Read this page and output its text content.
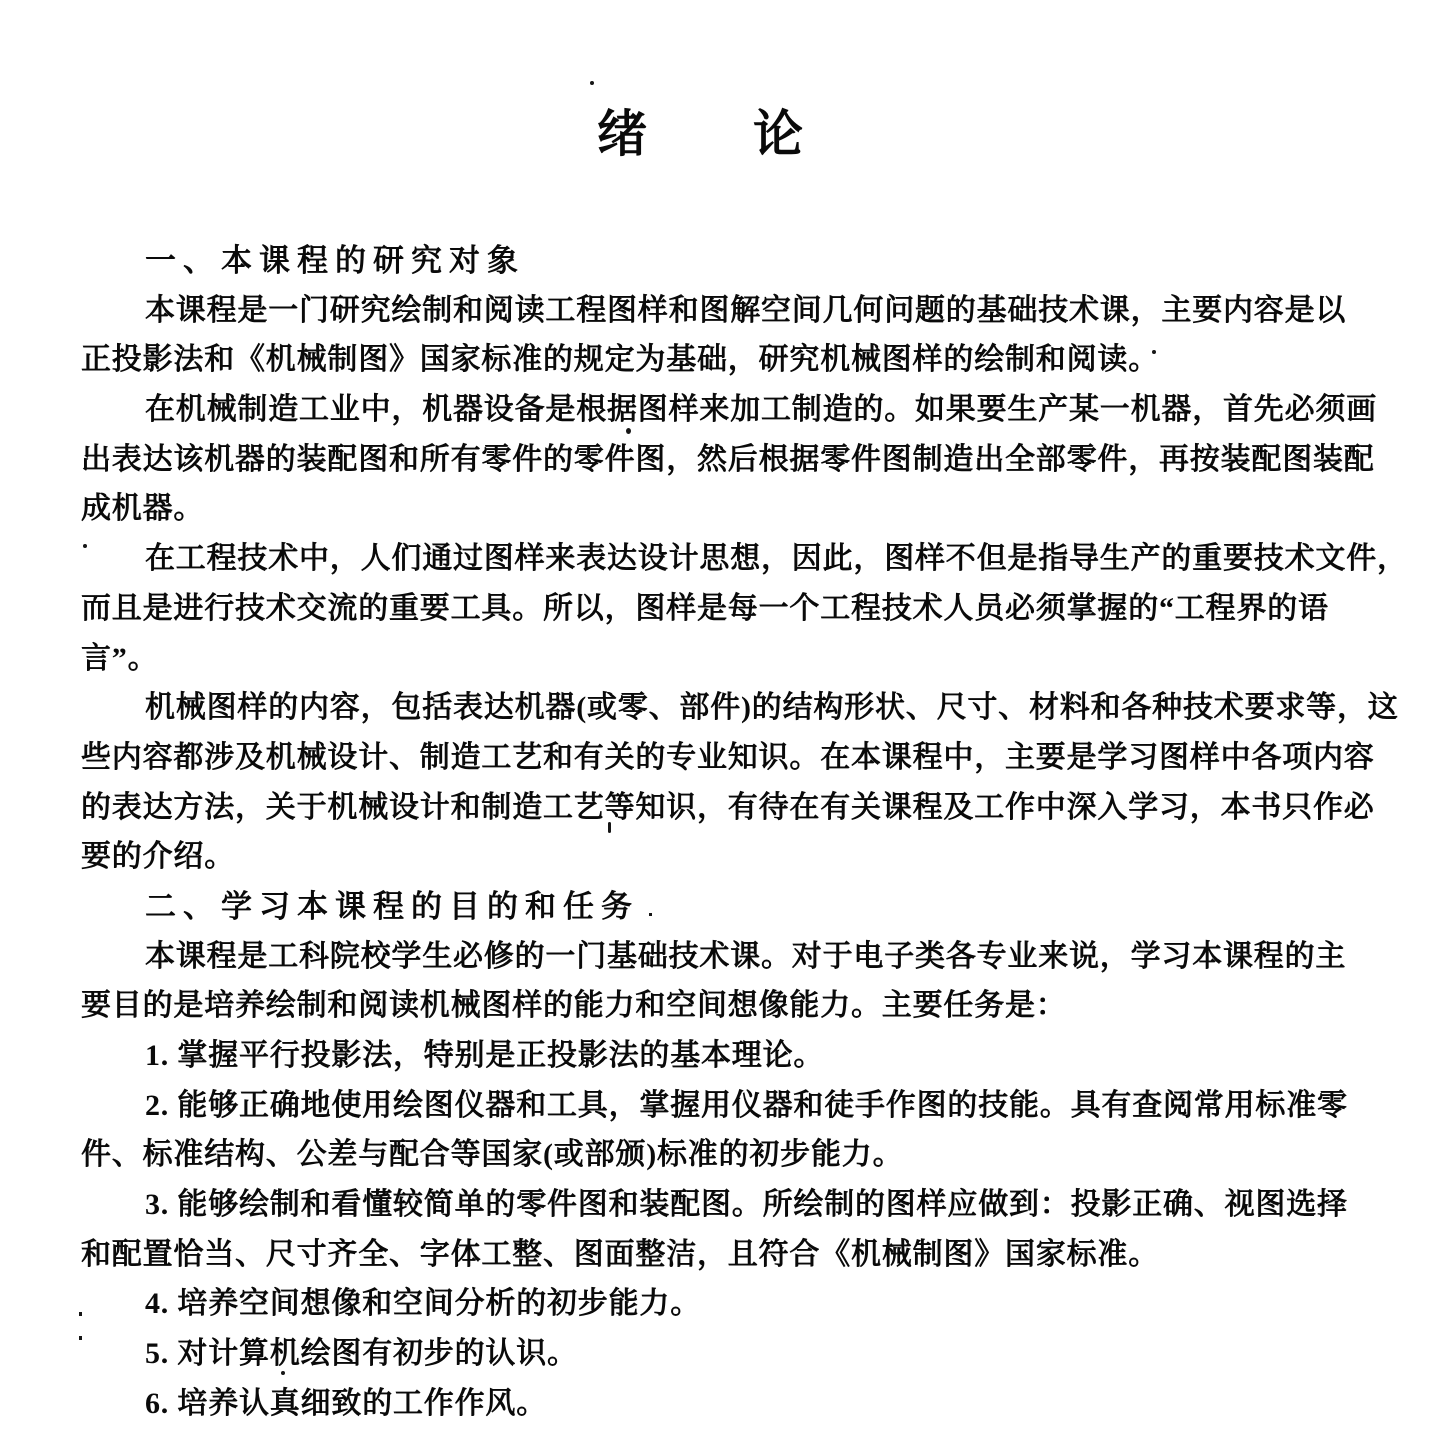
绪　　论
一、本课程的研究对象
本课程是一门研究绘制和阅读工程图样和图解空间几何问题的基础技术课，主要内容是以
正投影法和《机械制图》国家标准的规定为基础，研究机械图样的绘制和阅读。
在机械制造工业中，机器设备是根据图样来加工制造的。如果要生产某一机器，首先必须画
出表达该机器的装配图和所有零件的零件图，然后根据零件图制造出全部零件，再按装配图装配
成机器。
在工程技术中，人们通过图样来表达设计思想，因此，图样不但是指导生产的重要技术文件，
而且是进行技术交流的重要工具。所以，图样是每一个工程技术人员必须掌握的“工程界的语
言”。
机械图样的内容，包括表达机器(或零、部件)的结构形状、尺寸、材料和各种技术要求等，这
些内容都涉及机械设计、制造工艺和有关的专业知识。在本课程中，主要是学习图样中各项内容
的表达方法，关于机械设计和制造工艺等知识，有待在有关课程及工作中深入学习，本书只作必
要的介绍。
二、学习本课程的目的和任务
本课程是工科院校学生必修的一门基础技术课。对于电子类各专业来说，学习本课程的主
要目的是培养绘制和阅读机械图样的能力和空间想像能力。主要任务是：
1. 掌握平行投影法，特别是正投影法的基本理论。
2. 能够正确地使用绘图仪器和工具，掌握用仪器和徒手作图的技能。具有查阅常用标准零
件、标准结构、公差与配合等国家(或部颁)标准的初步能力。
3. 能够绘制和看懂较简单的零件图和装配图。所绘制的图样应做到：投影正确、视图选择
和配置恰当、尺寸齐全、字体工整、图面整洁，且符合《机械制图》国家标准。
4. 培养空间想像和空间分析的初步能力。
5. 对计算机绘图有初步的认识。
6. 培养认真细致的工作作风。
